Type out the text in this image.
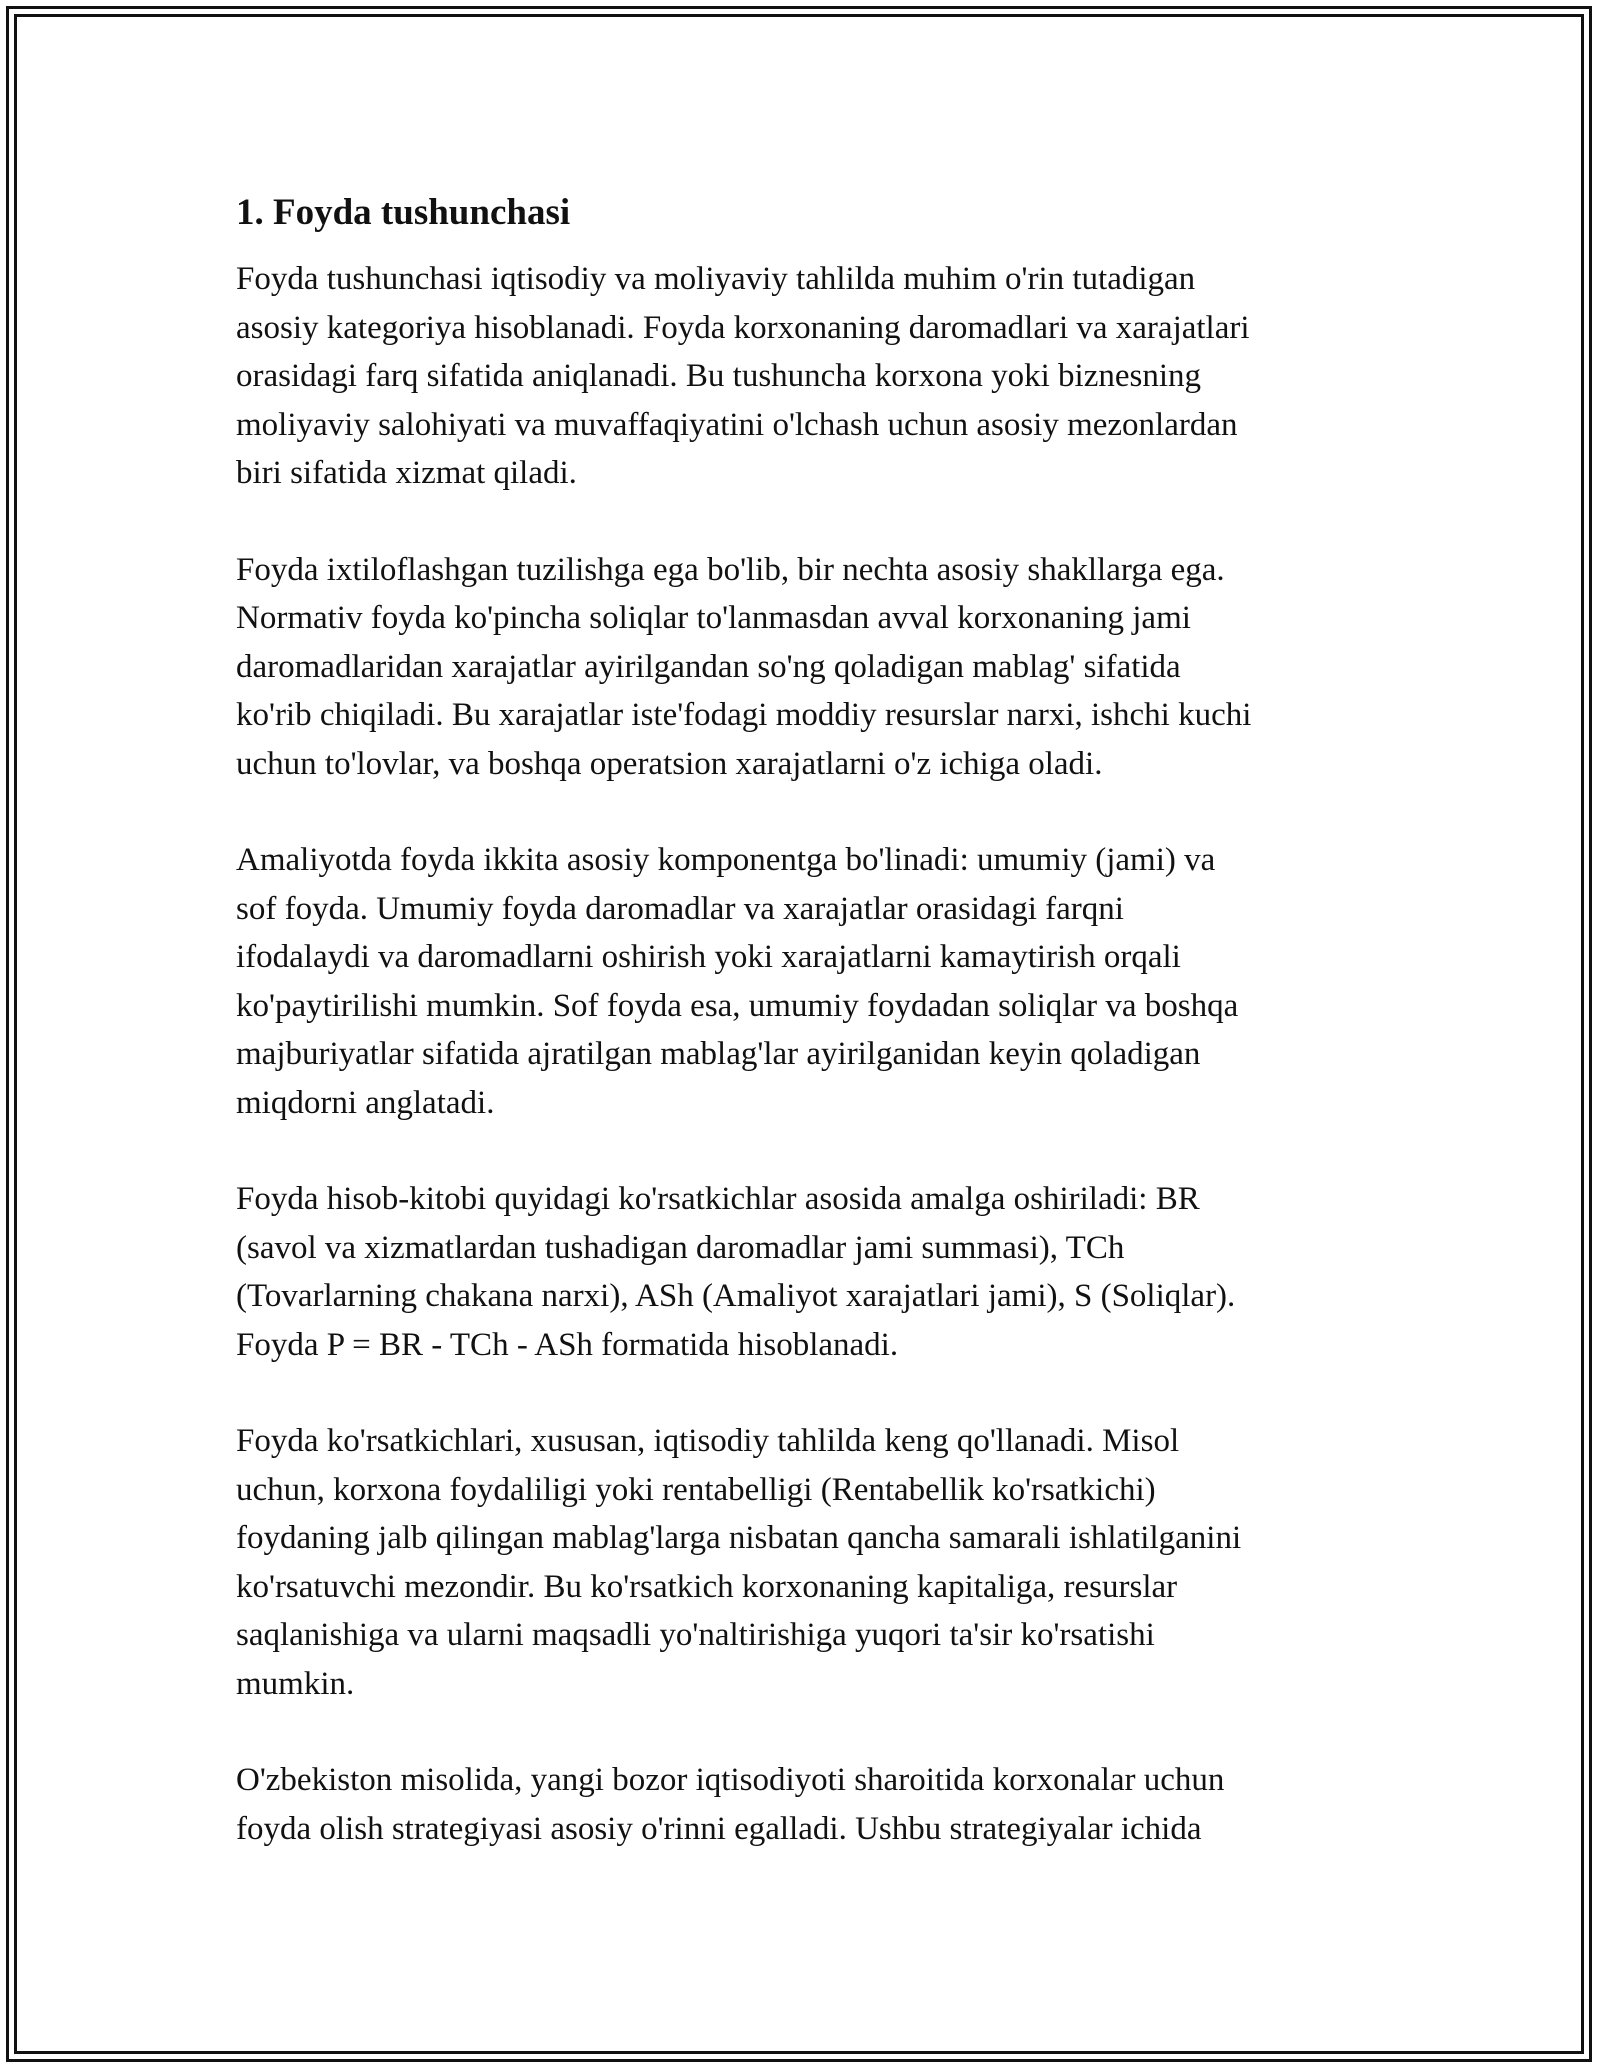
1. Foyda tushunchasi

Foyda tushunchasi iqtisodiy va moliyaviy tahlilda muhim o'rin tutadigan
asosiy kategoriya hisoblanadi. Foyda korxonaning daromadlari va xarajatlari
orasidagi farq sifatida aniqlanadi. Bu tushuncha korxona yoki biznesning
moliyaviy salohiyati va muvaffaqiyatini o'lchash uchun asosiy mezonlardan
biri sifatida xizmat qiladi.

Foyda ixtiloflashgan tuzilishga ega bo'lib, bir nechta asosiy shakllarga ega.
Normativ foyda ko'pincha soliqlar to'lanmasdan avval korxonaning jami
daromadlaridan xarajatlar ayirilgandan so'ng qoladigan mablag' sifatida
ko'rib chiqiladi. Bu xarajatlar iste'fodagi moddiy resurslar narxi, ishchi kuchi
uchun to'lovlar, va boshqa operatsion xarajatlarni o'z ichiga oladi.

Amaliyotda foyda ikkita asosiy komponentga bo'linadi: umumiy (jami) va
sof foyda. Umumiy foyda daromadlar va xarajatlar orasidagi farqni
ifodalaydi va daromadlarni oshirish yoki xarajatlarni kamaytirish orqali
ko'paytirilishi mumkin. Sof foyda esa, umumiy foydadan soliqlar va boshqa
majburiyatlar sifatida ajratilgan mablag'lar ayirilganidan keyin qoladigan
miqdorni anglatadi.

Foyda hisob-kitobi quyidagi ko'rsatkichlar asosida amalga oshiriladi: BR
(savol va xizmatlardan tushadigan daromadlar jami summasi), TCh
(Tovarlarning chakana narxi), ASh (Amaliyot xarajatlari jami), S (Soliqlar).
Foyda P = BR - TCh - ASh formatida hisoblanadi.

Foyda ko'rsatkichlari, xususan, iqtisodiy tahlilda keng qo'llanadi. Misol
uchun, korxona foydaliligi yoki rentabelligi (Rentabellik ko'rsatkichi)
foydaning jalb qilingan mablag'larga nisbatan qancha samarali ishlatilganini
ko'rsatuvchi mezondir. Bu ko'rsatkich korxonaning kapitaliga, resurslar
saqlanishiga va ularni maqsadli yo'naltirishiga yuqori ta'sir ko'rsatishi
mumkin.

O'zbekiston misolida, yangi bozor iqtisodiyoti sharoitida korxonalar uchun
foyda olish strategiyasi asosiy o'rinni egalladi. Ushbu strategiyalar ichida
